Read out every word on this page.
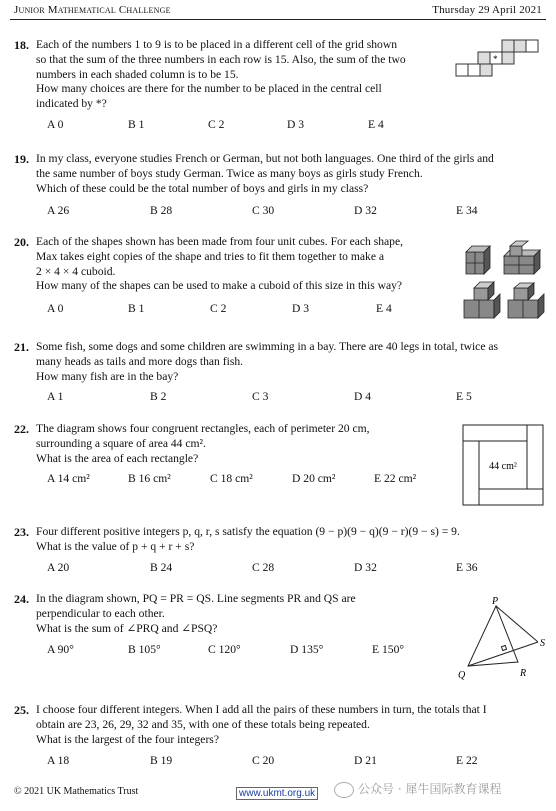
Junior Mathematical Challenge	Thursday 29 April 2021
18. Each of the numbers 1 to 9 is to be placed in a different cell of the grid shown
so that the sum of the three numbers in each row is 15. Also, the sum of the two
numbers in each shaded column is to be 15.
How many choices are there for the number to be placed in the central cell
indicated by *?
A 0	B 1	C 2	D 3	E 4
*
19. In my class, everyone studies French or German, but not both languages. One third of the girls and
the same number of boys study German. Twice as many boys as girls study French.
Which of these could be the total number of boys and girls in my class?
A 26	B 28	C 30	D 32	E 34
20. Each of the shapes shown has been made from four unit cubes. For each shape,
Max takes eight copies of the shape and tries to fit them together to make a
2 × 4 × 4 cuboid.
How many of the shapes can be used to make a cuboid of this size in this way?
A 0	B 1	C 2	D 3	E 4
21. Some fish, some dogs and some children are swimming in a bay. There are 40 legs in total, twice as
many heads as tails and more dogs than fish.
How many fish are in the bay?
A 1	B 2	C 3	D 4	E 5
22. The diagram shows four congruent rectangles, each of perimeter 20 cm,
surrounding a square of area 44 cm².
What is the area of each rectangle?
A 14 cm²	B 16 cm²	C 18 cm²	D 20 cm²	E 22 cm²
44 cm²
23. Four different positive integers p, q, r, s satisfy the equation (9 − p)(9 − q)(9 − r)(9 − s) = 9.
What is the value of p + q + r + s?
A 20	B 24	C 28	D 32	E 36
24. In the diagram shown, PQ = PR = QS. Line segments PR and QS are
perpendicular to each other.
What is the sum of ∠PRQ and ∠PSQ?
A 90°	B 105°	C 120°	D 135°	E 150°
P
Q	R
S
25. I choose four different integers. When I add all the pairs of these numbers in turn, the totals that I
obtain are 23, 26, 29, 32 and 35, with one of these totals being repeated.
What is the largest of the four integers?
A 18	B 19	C 20	D 21	E 22
© 2021 UK Mathematics Trust	www.ukmt.org.uk	公众号 · 犀牛国际教育课程
